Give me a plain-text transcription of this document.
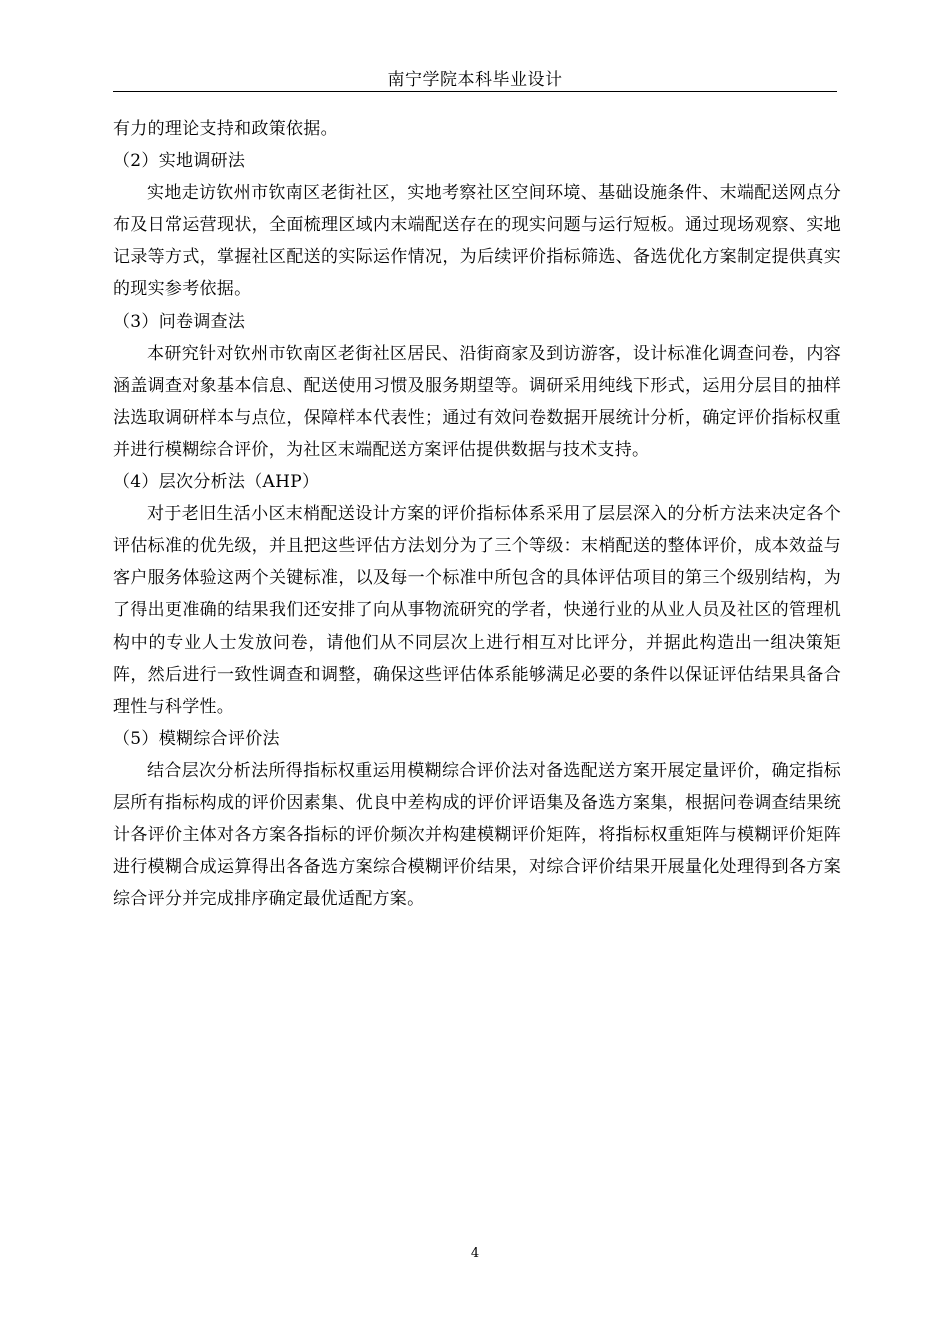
南宁学院本科毕业设计

有力的理论支持和政策依据。

（2）实地调研法

实地走访钦州市钦南区老街社区，实地考察社区空间环境、基础设施条件、末端配送网点分布及日常运营现状，全面梳理区域内末端配送存在的现实问题与运行短板。通过现场观察、实地记录等方式，掌握社区配送的实际运作情况，为后续评价指标筛选、备选优化方案制定提供真实的现实参考依据。

（3）问卷调查法

本研究针对钦州市钦南区老街社区居民、沿街商家及到访游客，设计标准化调查问卷，内容涵盖调查对象基本信息、配送使用习惯及服务期望等。调研采用纯线下形式，运用分层目的抽样法选取调研样本与点位，保障样本代表性；通过有效问卷数据开展统计分析，确定评价指标权重并进行模糊综合评价，为社区末端配送方案评估提供数据与技术支持。

（4）层次分析法（AHP）

对于老旧生活小区末梢配送设计方案的评价指标体系采用了层层深入的分析方法来决定各个评估标准的优先级，并且把这些评估方法划分为了三个等级：末梢配送的整体评价，成本效益与客户服务体验这两个关键标准，以及每一个标准中所包含的具体评估项目的第三个级别结构，为了得出更准确的结果我们还安排了向从事物流研究的学者，快递行业的从业人员及社区的管理机构中的专业人士发放问卷，请他们从不同层次上进行相互对比评分，并据此构造出一组决策矩阵，然后进行一致性调查和调整，确保这些评估体系能够满足必要的条件以保证评估结果具备合理性与科学性。

（5）模糊综合评价法

结合层次分析法所得指标权重运用模糊综合评价法对备选配送方案开展定量评价，确定指标层所有指标构成的评价因素集、优良中差构成的评价评语集及备选方案集，根据问卷调查结果统计各评价主体对各方案各指标的评价频次并构建模糊评价矩阵，将指标权重矩阵与模糊评价矩阵进行模糊合成运算得出各备选方案综合模糊评价结果，对综合评价结果开展量化处理得到各方案综合评分并完成排序确定最优适配方案。

4
